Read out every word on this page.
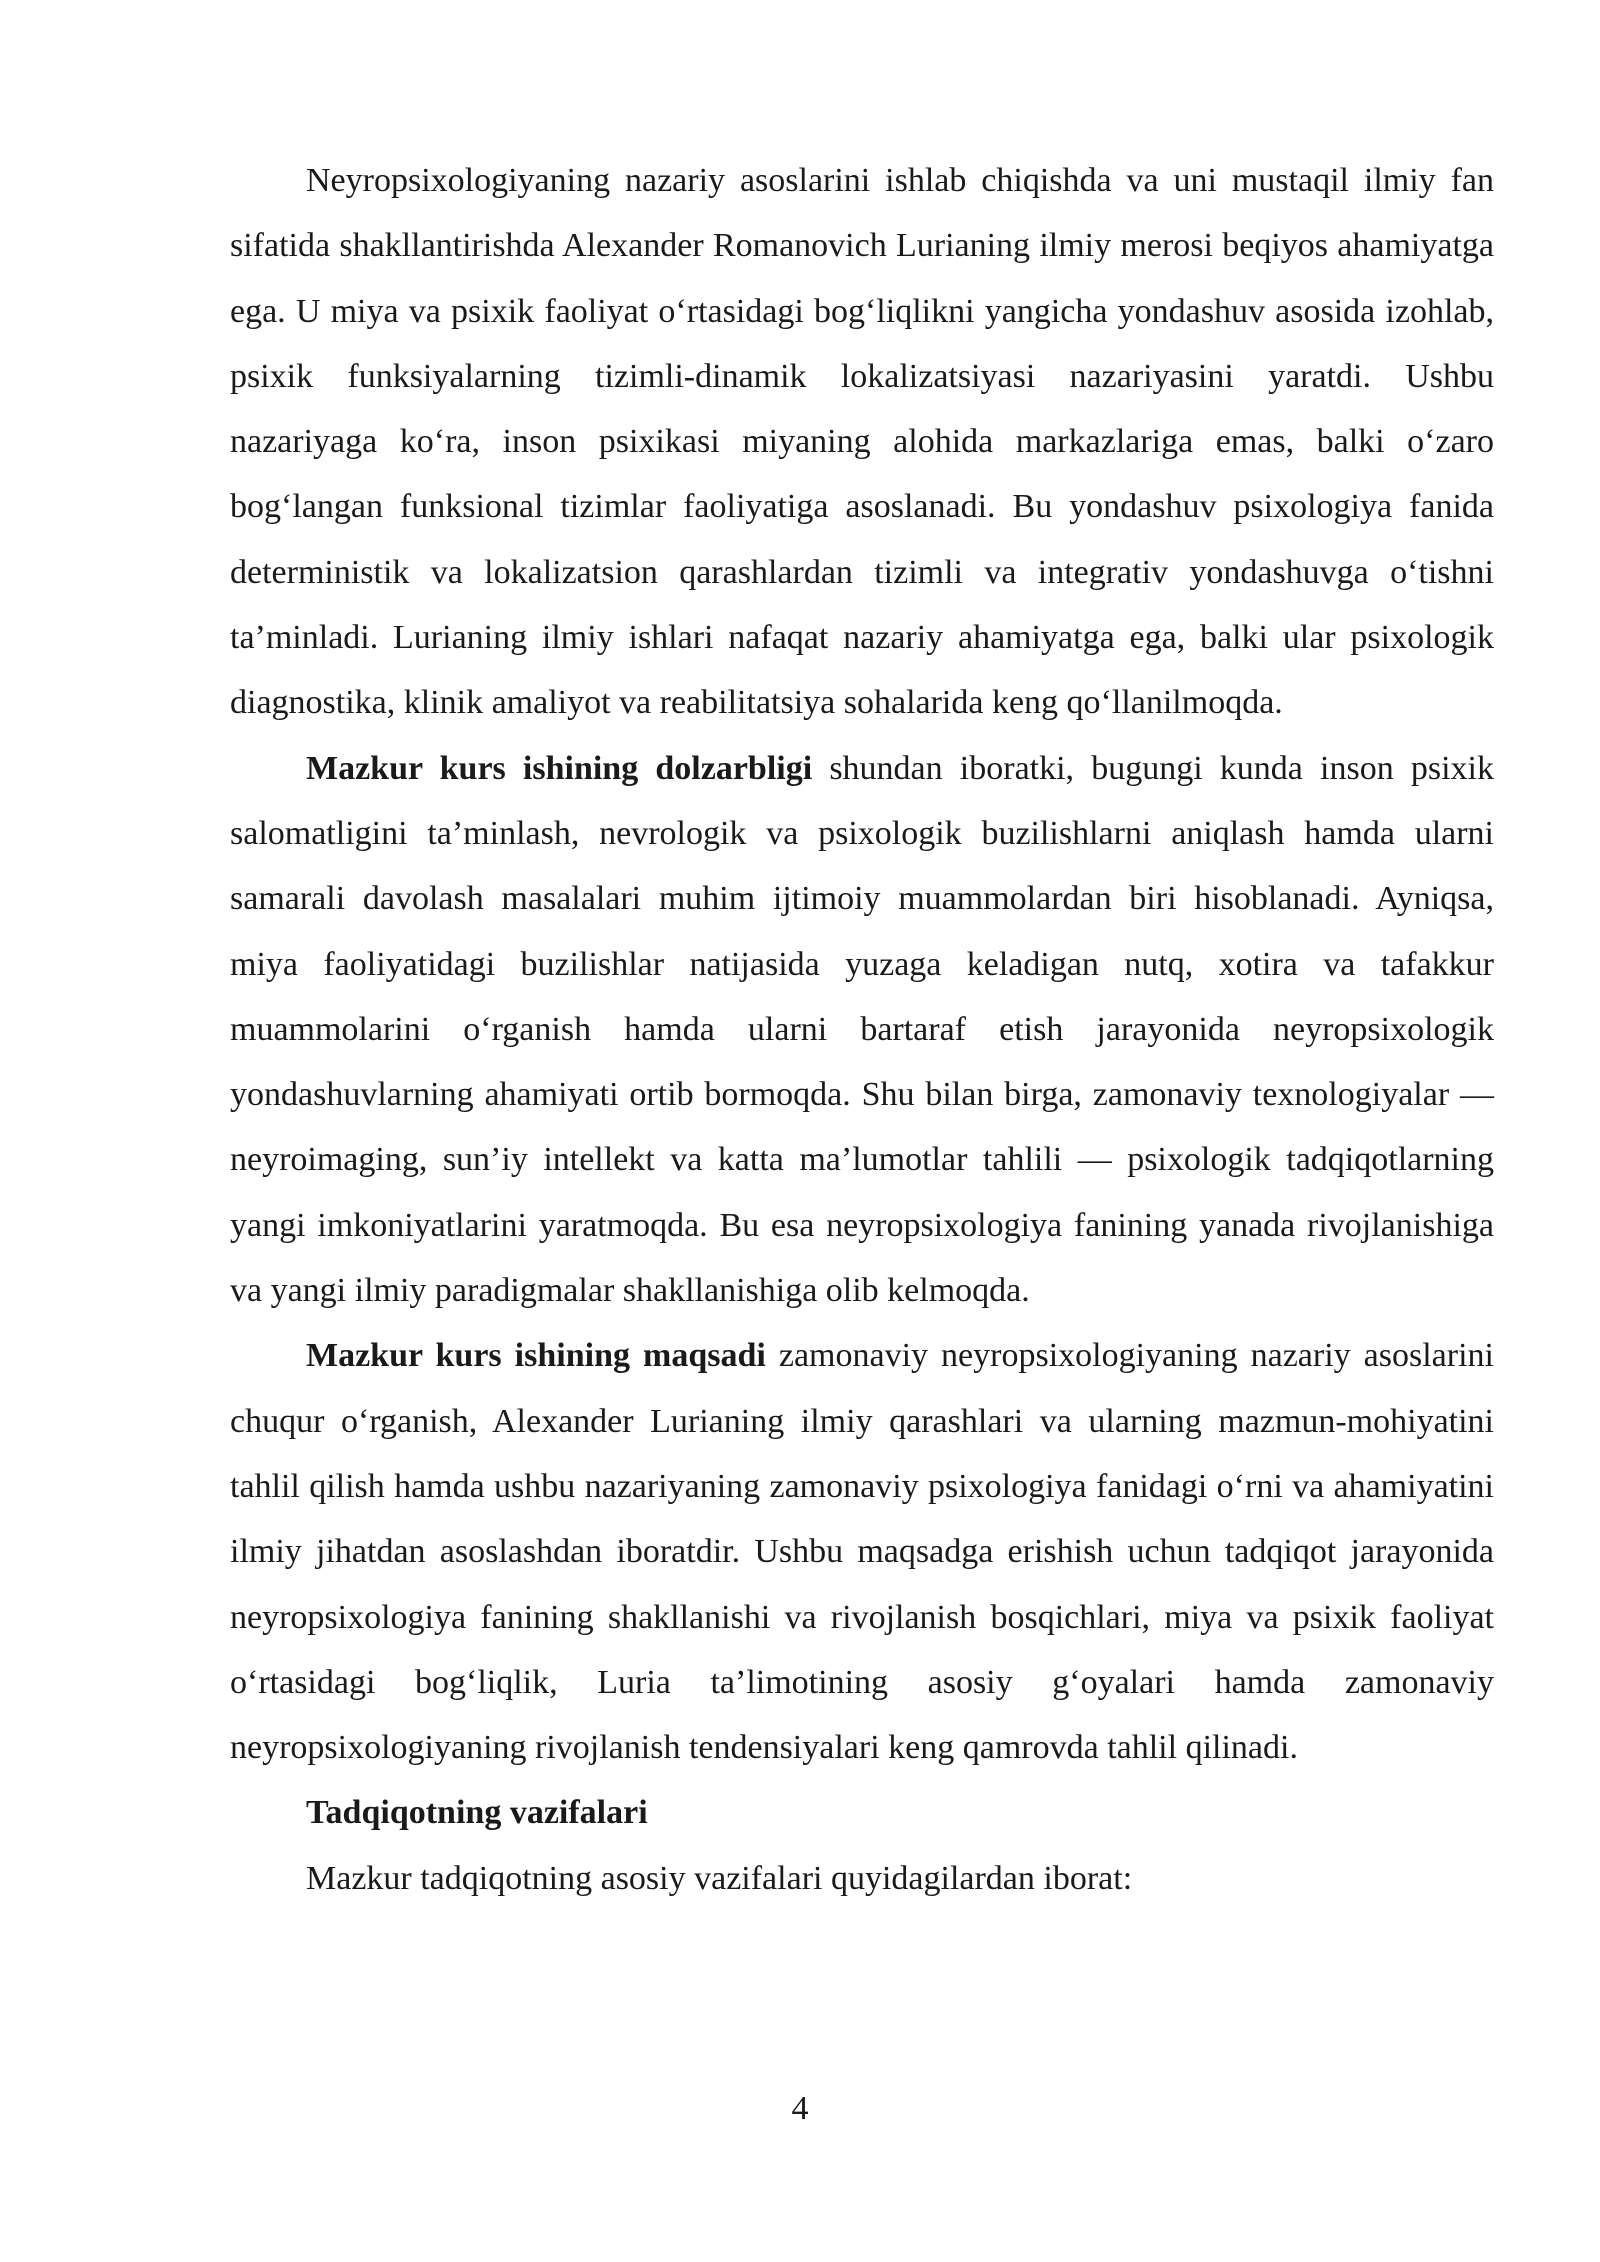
Neyropsixologiyaning nazariy asoslarini ishlab chiqishda va uni mustaqil ilmiy fan sifatida shakllantirishda Alexander Romanovich Lurianing ilmiy merosi beqiyos ahamiyatga ega. U miya va psixik faoliyat o‘rtasidagi bog‘liqlikni yangicha yondashuv asosida izohlab, psixik funksiyalarning tizimli-dinamik lokalizatsiyasi nazariyasini yaratdi. Ushbu nazariyaga ko‘ra, inson psixikasi miyaning alohida markazlariga emas, balki o‘zaro bog‘langan funksional tizimlar faoliyatiga asoslanadi. Bu yondashuv psixologiya fanida deterministik va lokalizatsion qarashlardan tizimli va integrativ yondashuvga o‘tishni ta’minladi. Lurianing ilmiy ishlari nafaqat nazariy ahamiyatga ega, balki ular psixologik diagnostika, klinik amaliyot va reabilitatsiya sohalarida keng qo‘llanilmoqda.

Mazkur kurs ishining dolzarbligi shundan iboratki, bugungi kunda inson psixik salomatligini ta’minlash, nevrologik va psixologik buzilishlarni aniqlash hamda ularni samarali davolash masalalari muhim ijtimoiy muammolardan biri hisoblanadi. Ayniqsa, miya faoliyatidagi buzilishlar natijasida yuzaga keladigan nutq, xotira va tafakkur muammolarini o‘rganish hamda ularni bartaraf etish jarayonida neyropsixologik yondashuvlarning ahamiyati ortib bormoqda. Shu bilan birga, zamonaviy texnologiyalar — neyroimaging, sun’iy intellekt va katta ma’lumotlar tahlili — psixologik tadqiqotlarning yangi imkoniyatlarini yaratmoqda. Bu esa neyropsixologiya fanining yanada rivojlanishiga va yangi ilmiy paradigmalar shakllanishiga olib kelmoqda.

Mazkur kurs ishining maqsadi zamonaviy neyropsixologiyaning nazariy asoslarini chuqur o‘rganish, Alexander Lurianing ilmiy qarashlari va ularning mazmun-mohiyatini tahlil qilish hamda ushbu nazariyaning zamonaviy psixologiya fanidagi o‘rni va ahamiyatini ilmiy jihatdan asoslashdan iboratdir. Ushbu maqsadga erishish uchun tadqiqot jarayonida neyropsixologiya fanining shakllanishi va rivojlanish bosqichlari, miya va psixik faoliyat o‘rtasidagi bog‘liqlik, Luria ta’limotining asosiy g‘oyalari hamda zamonaviy neyropsixologiyaning rivojlanish tendensiyalari keng qamrovda tahlil qilinadi.

Tadqiqotning vazifalari

Mazkur tadqiqotning asosiy vazifalari quyidagilardan iborat:

4
